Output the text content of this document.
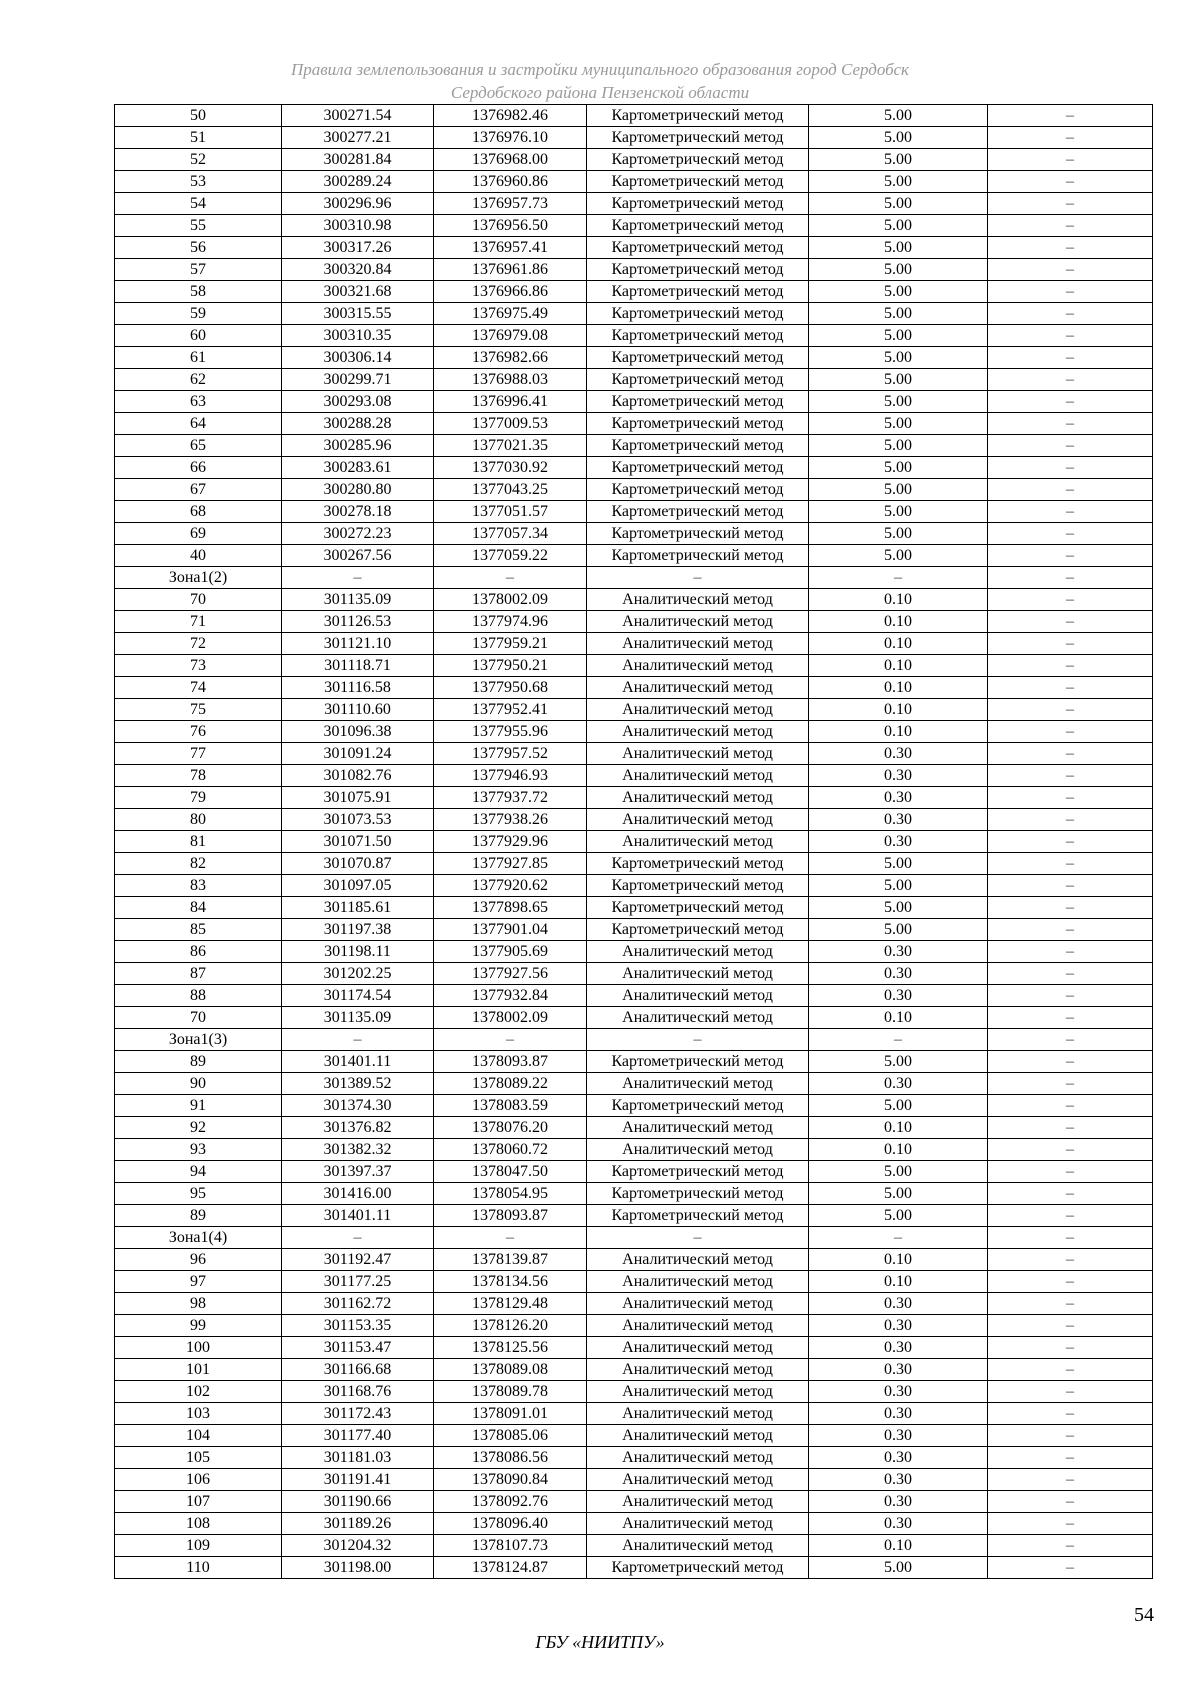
Правила землепользования и застройки муниципального образования город Сердобск
Сердобского района Пензенской области
50	300271.54	1376982.46	Картометрический метод	5.00	–
51	300277.21	1376976.10	Картометрический метод	5.00	–
52	300281.84	1376968.00	Картометрический метод	5.00	–
53	300289.24	1376960.86	Картометрический метод	5.00	–
54	300296.96	1376957.73	Картометрический метод	5.00	–
55	300310.98	1376956.50	Картометрический метод	5.00	–
56	300317.26	1376957.41	Картометрический метод	5.00	–
57	300320.84	1376961.86	Картометрический метод	5.00	–
58	300321.68	1376966.86	Картометрический метод	5.00	–
59	300315.55	1376975.49	Картометрический метод	5.00	–
60	300310.35	1376979.08	Картометрический метод	5.00	–
61	300306.14	1376982.66	Картометрический метод	5.00	–
62	300299.71	1376988.03	Картометрический метод	5.00	–
63	300293.08	1376996.41	Картометрический метод	5.00	–
64	300288.28	1377009.53	Картометрический метод	5.00	–
65	300285.96	1377021.35	Картометрический метод	5.00	–
66	300283.61	1377030.92	Картометрический метод	5.00	–
67	300280.80	1377043.25	Картометрический метод	5.00	–
68	300278.18	1377051.57	Картометрический метод	5.00	–
69	300272.23	1377057.34	Картометрический метод	5.00	–
40	300267.56	1377059.22	Картометрический метод	5.00	–
Зона1(2)	–	–	–	–	–
70	301135.09	1378002.09	Аналитический метод	0.10	–
71	301126.53	1377974.96	Аналитический метод	0.10	–
72	301121.10	1377959.21	Аналитический метод	0.10	–
73	301118.71	1377950.21	Аналитический метод	0.10	–
74	301116.58	1377950.68	Аналитический метод	0.10	–
75	301110.60	1377952.41	Аналитический метод	0.10	–
76	301096.38	1377955.96	Аналитический метод	0.10	–
77	301091.24	1377957.52	Аналитический метод	0.30	–
78	301082.76	1377946.93	Аналитический метод	0.30	–
79	301075.91	1377937.72	Аналитический метод	0.30	–
80	301073.53	1377938.26	Аналитический метод	0.30	–
81	301071.50	1377929.96	Аналитический метод	0.30	–
82	301070.87	1377927.85	Картометрический метод	5.00	–
83	301097.05	1377920.62	Картометрический метод	5.00	–
84	301185.61	1377898.65	Картометрический метод	5.00	–
85	301197.38	1377901.04	Картометрический метод	5.00	–
86	301198.11	1377905.69	Аналитический метод	0.30	–
87	301202.25	1377927.56	Аналитический метод	0.30	–
88	301174.54	1377932.84	Аналитический метод	0.30	–
70	301135.09	1378002.09	Аналитический метод	0.10	–
Зона1(3)	–	–	–	–	–
89	301401.11	1378093.87	Картометрический метод	5.00	–
90	301389.52	1378089.22	Аналитический метод	0.30	–
91	301374.30	1378083.59	Картометрический метод	5.00	–
92	301376.82	1378076.20	Аналитический метод	0.10	–
93	301382.32	1378060.72	Аналитический метод	0.10	–
94	301397.37	1378047.50	Картометрический метод	5.00	–
95	301416.00	1378054.95	Картометрический метод	5.00	–
89	301401.11	1378093.87	Картометрический метод	5.00	–
Зона1(4)	–	–	–	–	–
96	301192.47	1378139.87	Аналитический метод	0.10	–
97	301177.25	1378134.56	Аналитический метод	0.10	–
98	301162.72	1378129.48	Аналитический метод	0.30	–
99	301153.35	1378126.20	Аналитический метод	0.30	–
100	301153.47	1378125.56	Аналитический метод	0.30	–
101	301166.68	1378089.08	Аналитический метод	0.30	–
102	301168.76	1378089.78	Аналитический метод	0.30	–
103	301172.43	1378091.01	Аналитический метод	0.30	–
104	301177.40	1378085.06	Аналитический метод	0.30	–
105	301181.03	1378086.56	Аналитический метод	0.30	–
106	301191.41	1378090.84	Аналитический метод	0.30	–
107	301190.66	1378092.76	Аналитический метод	0.30	–
108	301189.26	1378096.40	Аналитический метод	0.30	–
109	301204.32	1378107.73	Аналитический метод	0.10	–
110	301198.00	1378124.87	Картометрический метод	5.00	–
54
ГБУ «НИИТПУ»
